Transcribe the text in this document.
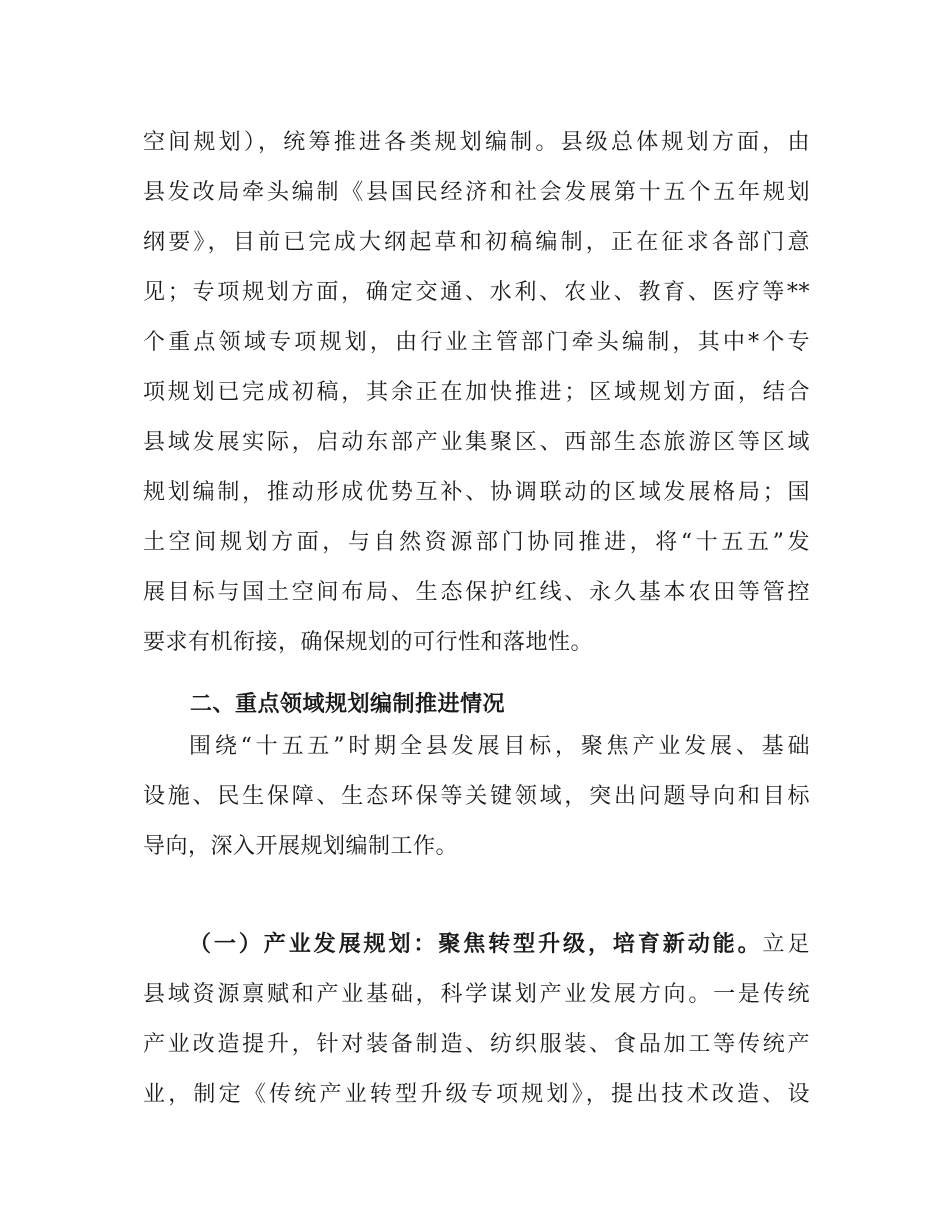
空间规划），统筹推进各类规划编制。县级总体规划方面，由
县发改局牵头编制《县国民经济和社会发展第十五个五年规划
纲要》，目前已完成大纲起草和初稿编制，正在征求各部门意
见；专项规划方面，确定交通、水利、农业、教育、医疗等**
个重点领域专项规划，由行业主管部门牵头编制，其中*个专
项规划已完成初稿，其余正在加快推进；区域规划方面，结合
县域发展实际，启动东部产业集聚区、西部生态旅游区等区域
规划编制，推动形成优势互补、协调联动的区域发展格局；国
土空间规划方面，与自然资源部门协同推进，将“十五五”发
展目标与国土空间布局、生态保护红线、永久基本农田等管控
要求有机衔接，确保规划的可行性和落地性。
二、重点领域规划编制推进情况
围绕“十五五”时期全县发展目标，聚焦产业发展、基础
设施、民生保障、生态环保等关键领域，突出问题导向和目标
导向，深入开展规划编制工作。
（一）产业发展规划：聚焦转型升级，培育新动能。立足
县域资源禀赋和产业基础，科学谋划产业发展方向。一是传统
产业改造提升，针对装备制造、纺织服装、食品加工等传统产
业，制定《传统产业转型升级专项规划》，提出技术改造、设
